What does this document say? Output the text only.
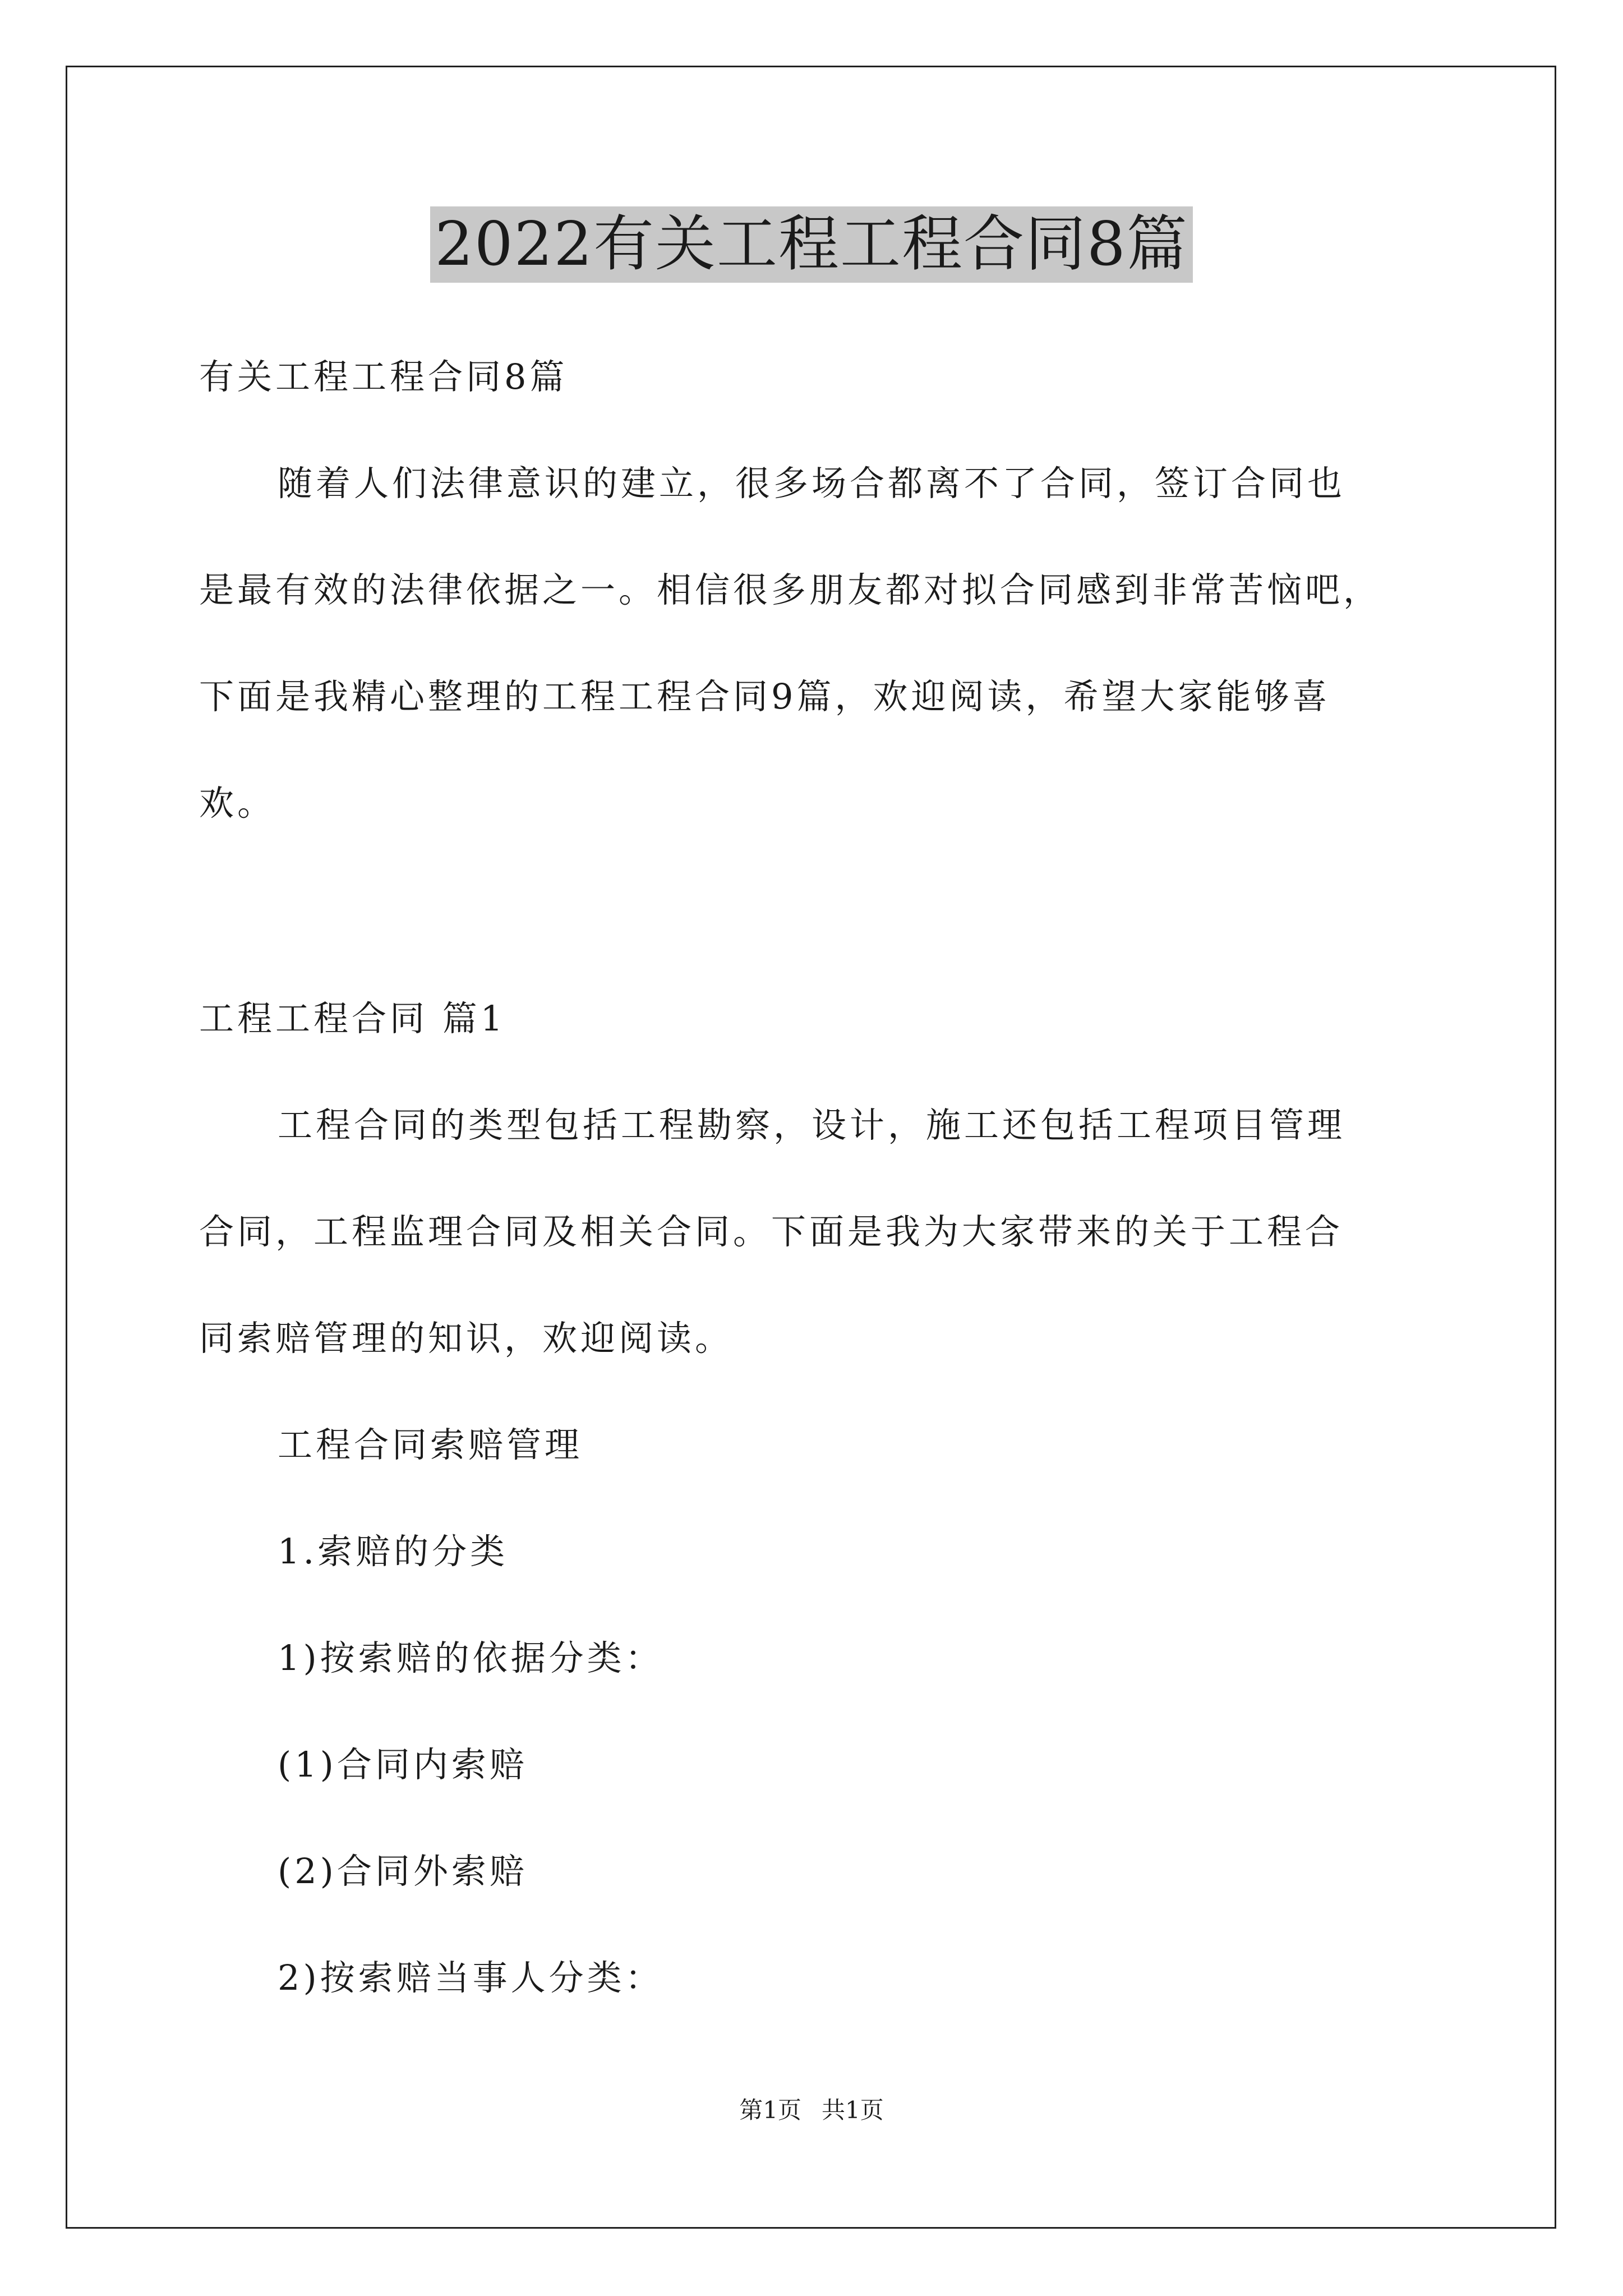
2022有关工程工程合同8篇
有关工程工程合同8篇
随着人们法律意识的建立，很多场合都离不了合同，签订合同也
是最有效的法律依据之一。相信很多朋友都对拟合同感到非常苦恼吧，
下面是我精心整理的工程工程合同9篇，欢迎阅读，希望大家能够喜
欢。
工程工程合同 篇1
工程合同的类型包括工程勘察，设计，施工还包括工程项目管理
合同，工程监理合同及相关合同。下面是我为大家带来的关于工程合
同索赔管理的知识，欢迎阅读。
工程合同索赔管理
1.索赔的分类
1)按索赔的依据分类：
(1)合同内索赔
(2)合同外索赔
2)按索赔当事人分类：
第1页 共1页
